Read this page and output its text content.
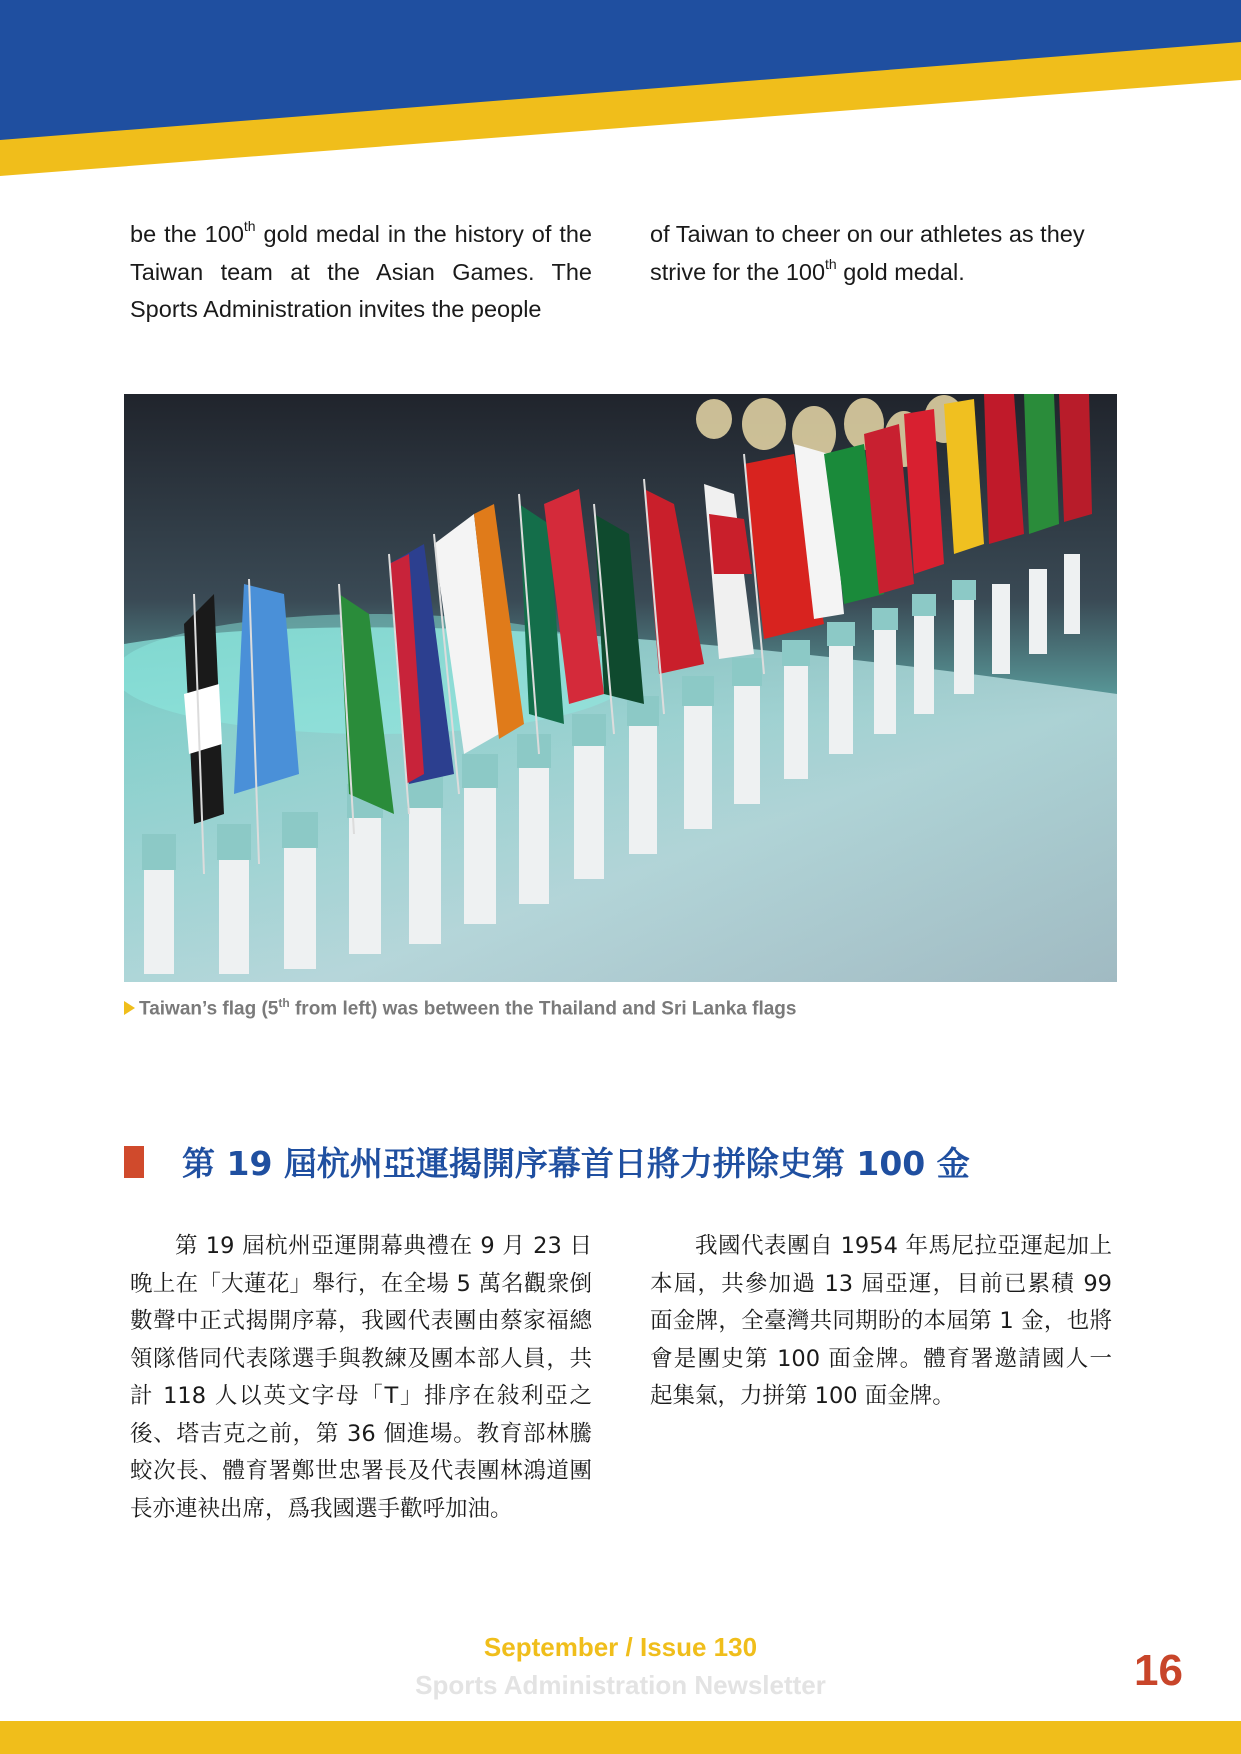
be the 100th gold medal in the history of the Taiwan team at the Asian Games. The Sports Administration invites the people
of Taiwan to cheer on our athletes as they strive for the 100th gold medal.
Taiwan’s flag (5th from left) was between the Thailand and Sri Lanka flags
第 19 屆杭州亞運揭開序幕首日將力拼除史第 100 金

第 19 屆杭州亞運開幕典禮在 9 月 23 日晚上在「大蓮花」舉行，在全場 5 萬名觀衆倒數聲中正式揭開序幕，我國代表團由蔡家福總領隊偕同代表隊選手與教練及團本部人員，共計 118 人以英文字母「T」排序在敍利亞之後、塔吉克之前，第 36 個進場。教育部林騰蛟次長、體育署鄭世忠署長及代表團林鴻道團長亦連袂出席，爲我國選手歡呼加油。

我國代表團自 1954 年馬尼拉亞運起加上本屆，共參加過 13 屆亞運，目前已累積 99 面金牌，全臺灣共同期盼的本屆第 1 金，也將會是團史第 100 面金牌。體育署邀請國人一起集氣，力拼第 100 面金牌。

September / Issue 130
Sports Administration Newsletter	16
